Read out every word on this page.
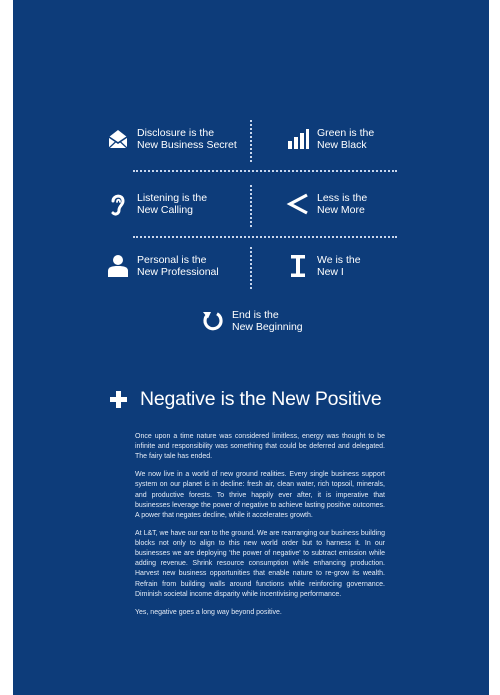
Disclosure is the
New Business Secret
Green is the
New Black
Listening is the
New Calling
Less is the
New More
Personal is the
New Professional
We is the
New I
End is the
New Beginning
Negative is the New Positive

Once upon a time nature was considered limitless, energy was thought to be infinite and responsibility was something that could be deferred and delegated. The fairy tale has ended.

We now live in a world of new ground realities. Every single business support system on our planet is in decline: fresh air, clean water, rich topsoil, minerals, and productive forests. To thrive happily ever after, it is imperative that businesses leverage the power of negative to achieve lasting positive outcomes. A power that negates decline, while it accelerates growth.

At L&T, we have our ear to the ground. We are rearranging our business building blocks not only to align to this new world order but to harness it. In our businesses we are deploying 'the power of negative' to subtract emission while adding revenue. Shrink resource consumption while enhancing production. Harvest new business opportunities that enable nature to re-grow its wealth. Refrain from building walls around functions while reinforcing governance. Diminish societal income disparity while incentivising performance.

Yes, negative goes a long way beyond positive.
